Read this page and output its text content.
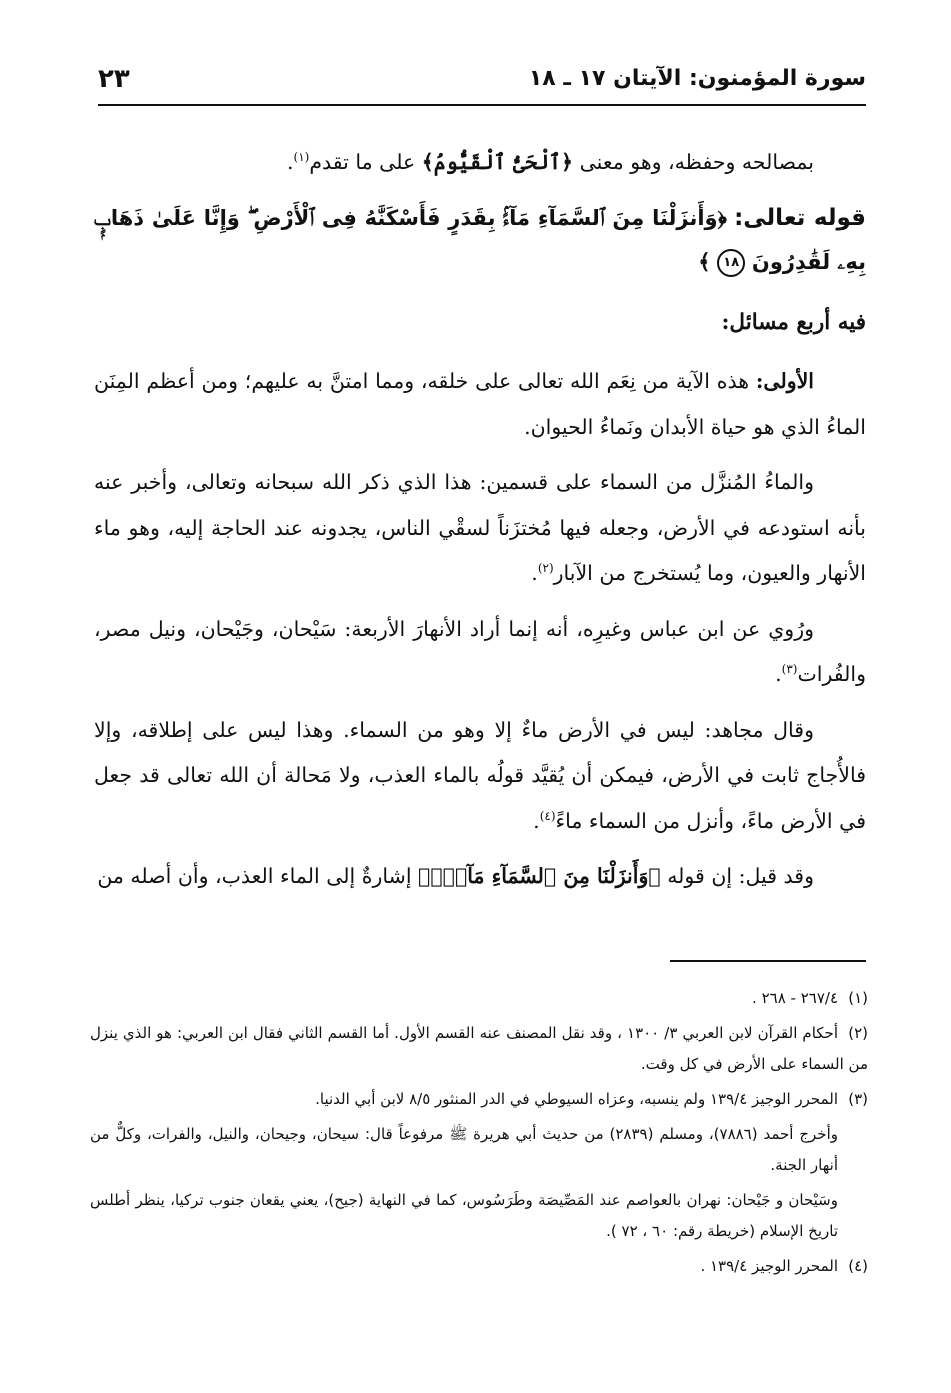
سورة المؤمنون: الآيتان ١٧ ـ ١٨
٢٣

بمصالحه وحفظه، وهو معنى ﴿ٱلْحَىُّ ٱلْقَيُّومُ﴾ على ما تقدم$^{(١)}$.

قوله تعالى: ﴿وَأَنزَلْنَا مِنَ ٱلسَّمَآءِ مَآءًۢ بِقَدَرٍ فَأَسْكَنَّٰهُ فِى ٱلْأَرْضِ ۖ وَإِنَّا عَلَىٰ ذَهَابٍۭ بِهِۦ لَقَٰدِرُونَ ١٨ ﴾

فيه أربع مسائل:

الأولى: هذه الآية من نِعَم الله تعالى على خلقه، ومما امتنَّ به عليهم؛ ومن أعظم المِنَن الماءُ الذي هو حياة الأبدان ونَماءُ الحيوان.

والماءُ المُنزَّل من السماء على قسمين: هذا الذي ذكر الله سبحانه وتعالى، وأخبر عنه بأنه استودعه في الأرض، وجعله فيها مُختزَناً لسقْي الناس، يجدونه عند الحاجة إليه، وهو ماء الأنهار والعيون، وما يُستخرج من الآبار$^{(٢)}$.

ورُوي عن ابن عباس وغيرِه، أنه إنما أراد الأنهارَ الأربعة: سَيْحان، وجَيْحان، ونيل مصر، والفُرات$^{(٣)}$.

وقال مجاهد: ليس في الأرض ماءٌ إلا وهو من السماء. وهذا ليس على إطلاقه، وإلا فالأُجاج ثابت في الأرض، فيمكن أن يُقيَّد قولُه بالماء العذب، ولا مَحالة أن الله تعالى قد جعل في الأرض ماءً، وأنزل من السماء ماءً$^{(٤)}$.

وقد قيل: إن قوله ﴿وَأَنزَلْنَا مِنَ ٱلسَّمَآءِ مَآءًۢ﴾ إشارةٌ إلى الماء العذب، وأن أصله من

(١)٢٦٧/٤ - ٢٦٨ .

(٢)أحكام القرآن لابن العربي ٣/ ١٣٠٠ ، وقد نقل المصنف عنه القسم الأول. أما القسم الثاني فقال ابن العربي: هو الذي ينزل من السماء على الأرض في كل وقت.

(٣)المحرر الوجيز ١٣٩/٤ ولم ينسبه، وعزاه السيوطي في الدر المنثور ٨/٥ لابن أبي الدنيا.

وأخرج أحمد (٧٨٨٦)، ومسلم (٢٨٣٩) من حديث أبي هريرة ﷺ مرفوعاً قال: سيحان، وجيحان، والنيل، والفرات، وكلٌّ من أنهار الجنة.

وسَيْحان و جَيْحان: نهران بالعواصم عند المَصِّيصَة وطَرَسُوس، كما في النهاية (جيح)، يعني يقعان جنوب تركيا، ينظر أطلس تاريخ الإسلام (خريطة رقم: ٦٠ ، ٧٢ ).

(٤)المحرر الوجيز ١٣٩/٤ .
